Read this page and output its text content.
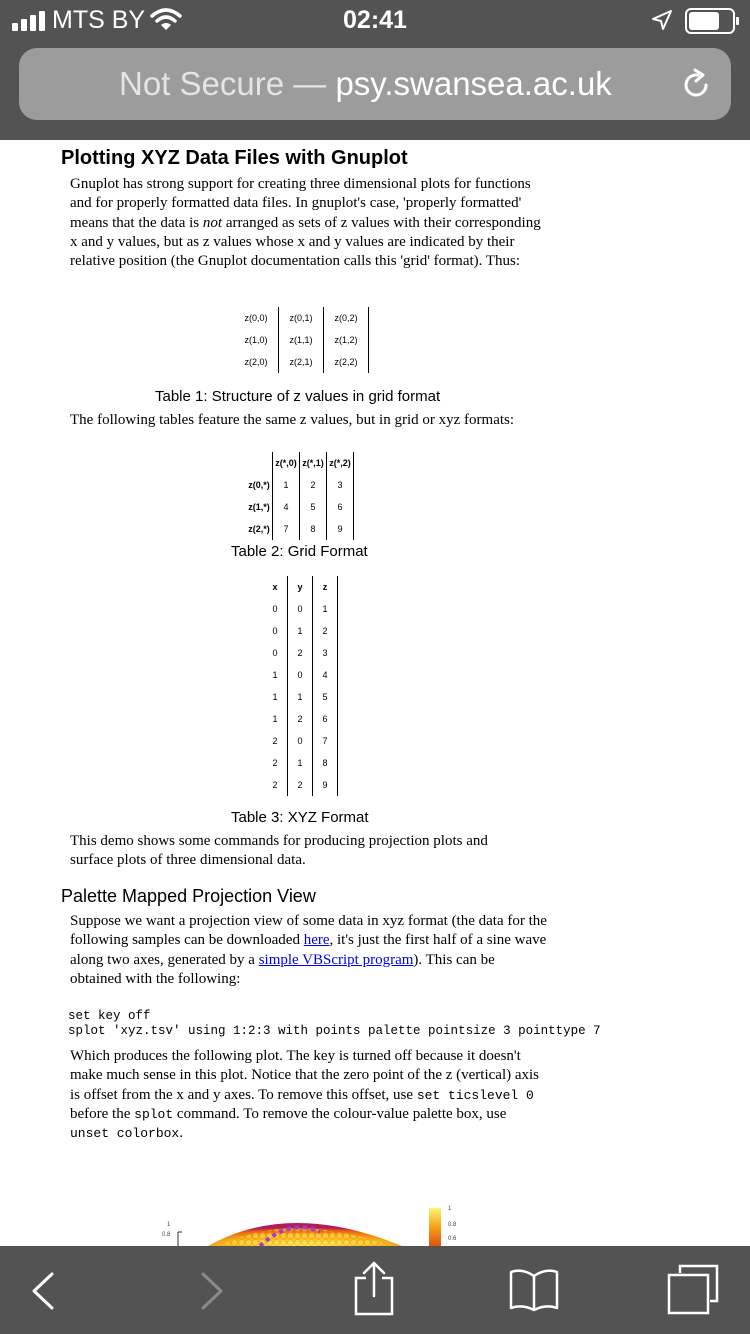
MTS BY	02:41
Not Secure — psy.swansea.ac.uk
Plotting XYZ Data Files with Gnuplot
Gnuplot has strong support for creating three dimensional plots for functions and for properly formatted data files. In gnuplot's case, 'properly formatted' means that the data is not arranged as sets of z values with their corresponding x and y values, but as z values whose x and y values are indicated by their relative position (the Gnuplot documentation calls this 'grid' format). Thus:
z(0,0)	z(0,1)	z(0,2)	
z(1,0)	z(1,1)	z(1,2)	
z(2,0)	z(2,1)	z(2,2)	
Table 1: Structure of z values in grid format
The following tables feature the same z values, but in grid or xyz formats:
	z(*,0)	z(*,1)	z(*,2)	
z(0,*)	1	2	3	
z(1,*)	4	5	6	
z(2,*)	7	8	9	
Table 2: Grid Format
x	y	z	
0	0	1	
0	1	2	
0	2	3	
1	0	4	
1	1	5	
1	2	6	
2	0	7	
2	1	8	
2	2	9	
Table 3: XYZ Format
This demo shows some commands for producing projection plots and surface plots of three dimensional data.
Palette Mapped Projection View
Suppose we want a projection view of some data in xyz format (the data for the following samples can be downloaded here, it's just the first half of a sine wave along two axes, generated by a simple VBScript program). This can be obtained with the following:
set key off
splot 'xyz.tsv' using 1:2:3 with points palette pointsize 3 pointtype 7
Which produces the following plot. The key is turned off because it doesn't make much sense in this plot. Notice that the zero point of the z (vertical) axis is offset from the x and y axes. To remove this offset, use set ticslevel 0 before the splot command. To remove the colour-value palette box, use unset colorbox.
1
0.8
1
0.8
0.6
